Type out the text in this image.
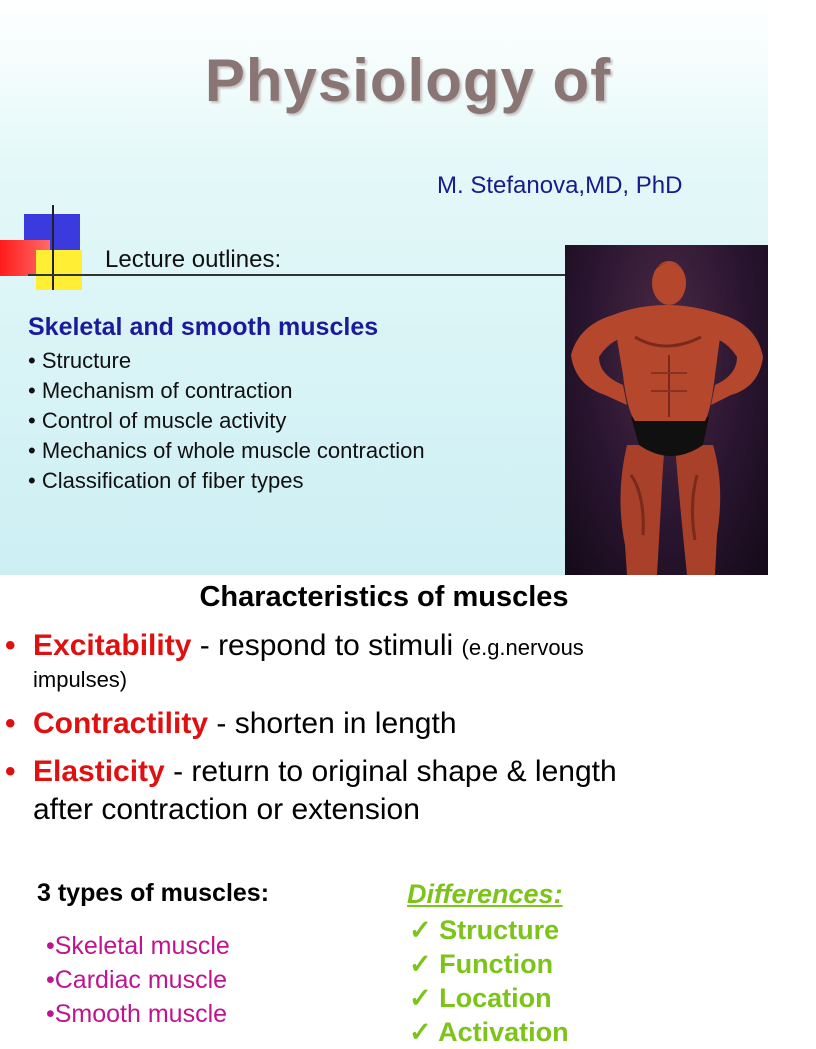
Physiology of
M. Stefanova,MD, PhD
Lecture outlines:
Skeletal and smooth muscles
• Structure
• Mechanism of contraction
• Control of muscle activity
• Mechanics of whole muscle contraction
• Classification of fiber types
Characteristics of muscles
• Excitability - respond to stimuli (e.g.nervous
impulses)
• Contractility - shorten in length
• Elasticity - return to original shape & length
after contraction or extension
3 types of muscles:
•Skeletal muscle
•Cardiac muscle
•Smooth muscle
Differences:
✓ Structure
✓ Function
✓ Location
✓ Activation
